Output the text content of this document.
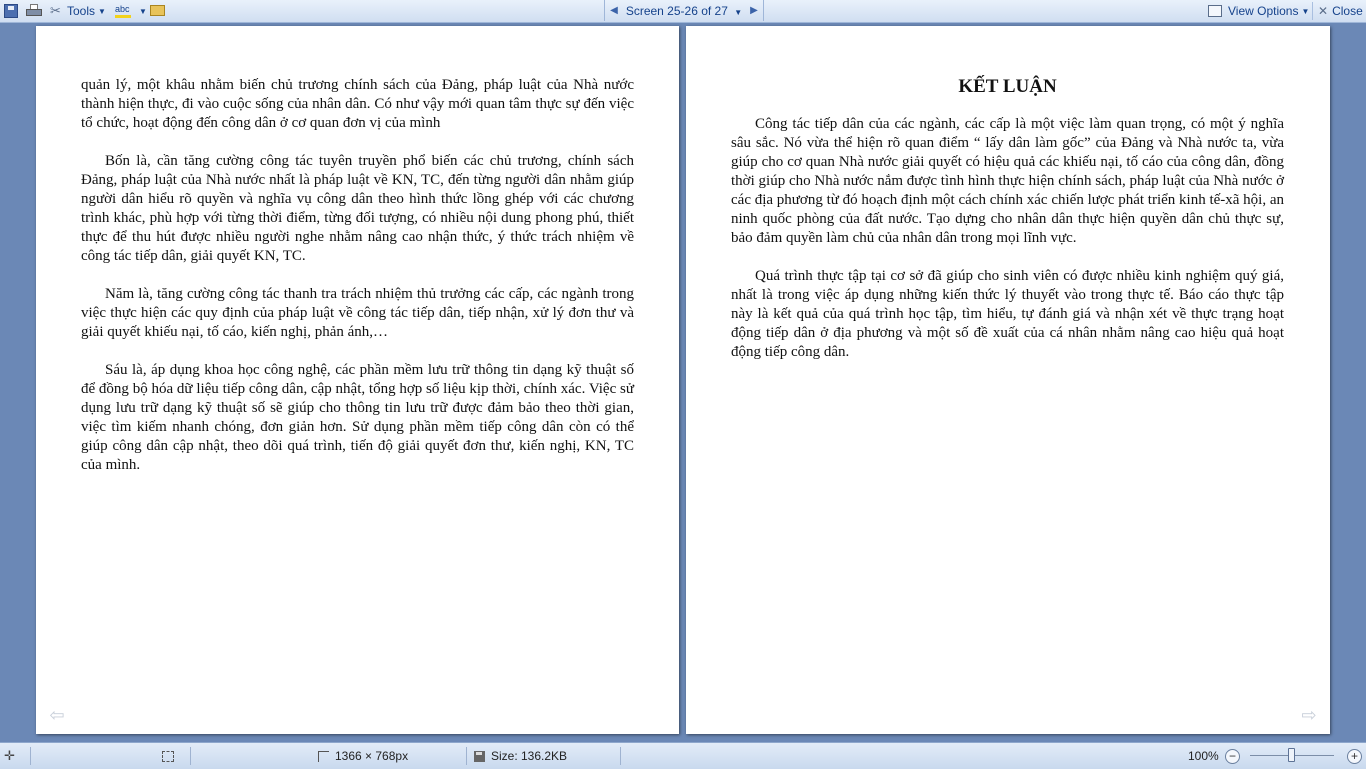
✂ Tools ▼ abc ▼	◀ Screen 25-26 of 27 ▼ ▶	View Options ▼ ✕ Close

quản lý, một khâu nhằm biến chủ trương chính sách của Đảng, pháp luật của Nhà nước thành hiện thực, đi vào cuộc sống của nhân dân. Có như vậy mới quan tâm thực sự đến việc tổ chức, hoạt động đến công dân ở cơ quan đơn vị của mình

Bốn là, cần tăng cường công tác tuyên truyền phổ biến các chủ trương, chính sách Đảng, pháp luật của Nhà nước nhất là pháp luật về KN, TC, đến từng người dân nhằm giúp người dân hiểu rõ quyền và nghĩa vụ công dân theo hình thức lồng ghép với các chương trình khác, phù hợp với từng thời điểm, từng đối tượng, có nhiều nội dung phong phú, thiết thực để thu hút được nhiều người nghe nhằm nâng cao nhận thức, ý thức trách nhiệm về công tác tiếp dân, giải quyết KN, TC.

Năm là, tăng cường công tác thanh tra trách nhiệm thủ trưởng các cấp, các ngành trong việc thực hiện các quy định của pháp luật về công tác tiếp dân, tiếp nhận, xử lý đơn thư và giải quyết khiếu nại, tố cáo, kiến nghị, phản ánh,…

Sáu là, áp dụng khoa học công nghệ, các phần mềm lưu trữ thông tin dạng kỹ thuật số để đồng bộ hóa dữ liệu tiếp công dân, cập nhật, tổng hợp số liệu kịp thời, chính xác. Việc sử dụng lưu trữ dạng kỹ thuật số sẽ giúp cho thông tin lưu trữ được đảm bảo theo thời gian, việc tìm kiếm nhanh chóng, đơn giản hơn. Sử dụng phần mềm tiếp công dân còn có thể giúp công dân cập nhật, theo dõi quá trình, tiến độ giải quyết đơn thư, kiến nghị, KN, TC của mình.

⇦
KẾT LUẬN

Công tác tiếp dân của các ngành, các cấp là một việc làm quan trọng, có một ý nghĩa sâu sắc. Nó vừa thể hiện rõ quan điểm “ lấy dân làm gốc” của Đảng và Nhà nước ta, vừa giúp cho cơ quan Nhà nước giải quyết có hiệu quả các khiếu nại, tố cáo của công dân, đồng thời giúp cho Nhà nước nắm được tình hình thực hiện chính sách, pháp luật của Nhà nước ở các địa phương từ đó hoạch định một cách chính xác chiến lược phát triển kinh tế-xã hội, an ninh quốc phòng của đất nước. Tạo dựng cho nhân dân thực hiện quyền dân chủ thực sự, bảo đảm quyền làm chủ của nhân dân trong mọi lĩnh vực.

Quá trình thực tập tại cơ sở đã giúp cho sinh viên có được nhiều kinh nghiệm quý giá, nhất là trong việc áp dụng những kiến thức lý thuyết vào trong thực tế. Báo cáo thực tập này là kết quả của quá trình học tập, tìm hiểu, tự đánh giá và nhận xét về thực trạng hoạt động tiếp dân ở địa phương và một số đề xuất của cá nhân nhằm nâng cao hiệu quả hoạt động tiếp công dân.

⇨
✛	1366 × 768px	Size: 136.2KB	100% −	+
